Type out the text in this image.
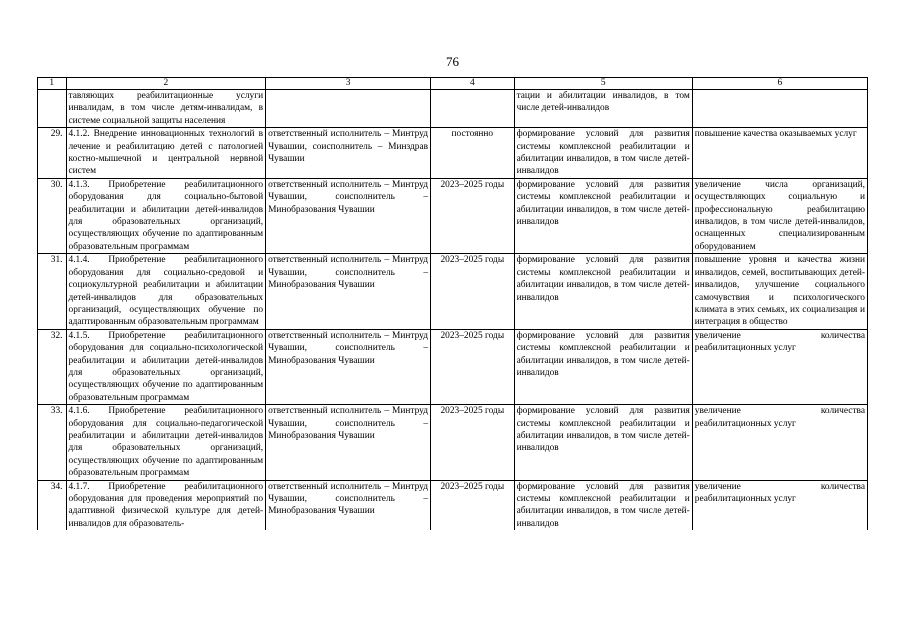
76
1	2	3	4	5	6
	тавляющих реабилитационные услуги инвалидам, в том числе детям-инвалидам, в системе социальной защиты населения			тации и абилитации инвалидов, в том числе детей-инвалидов	
29.	4.1.2. Внедрение инновационных технологий в лечение и реабилитацию детей с патологией костно-мышечной и центральной нервной систем	ответственный исполнитель – Минтруд Чувашии, соисполнитель – Минздрав Чувашии	постоянно	формирование условий для развития системы комплексной реабилитации и абилитации инвалидов, в том числе детей-инвалидов	повышение качества оказываемых услуг
30.	4.1.3. Приобретение реабилитационного оборудования для социально-бытовой реабилитации и абилитации детей-инвалидов для образовательных организаций, осуществляющих обучение по адаптированным образовательным программам	ответственный исполнитель – Минтруд Чувашии, соисполнитель – Минобразования Чувашии	2023–2025 годы	формирование условий для развития системы комплексной реабилитации и абилитации инвалидов, в том числе детей-инвалидов	увеличение числа организаций, осуществляющих социальную и профессиональную реабилитацию инвалидов, в том числе детей-инвалидов, оснащенных специализированным оборудованием
31.	4.1.4. Приобретение реабилитационного оборудования для социально-средовой и социокультурной реабилитации и абилитации детей-инвалидов для образовательных организаций, осуществляющих обучение по адаптированным образовательным программам	ответственный исполнитель – Минтруд Чувашии, соисполнитель – Минобразования Чувашии	2023–2025 годы	формирование условий для развития системы комплексной реабилитации и абилитации инвалидов, в том числе детей-инвалидов	повышение уровня и качества жизни инвалидов, семей, воспитывающих детей-инвалидов, улучшение социального самочувствия и психологического климата в этих семьях, их социализация и интеграция в общество
32.	4.1.5. Приобретение реабилитационного оборудования для социально-психологической реабилитации и абилитации детей-инвалидов для образовательных организаций, осуществляющих обучение по адаптированным образовательным программам	ответственный исполнитель – Минтруд Чувашии, соисполнитель – Минобразования Чувашии	2023–2025 годы	формирование условий для развития системы комплексной реабилитации и абилитации инвалидов, в том числе детей-инвалидов	увеличение количества реабилитационных услуг
33.	4.1.6. Приобретение реабилитационного оборудования для социально-педагогической реабилитации и абилитации детей-инвалидов для образовательных организаций, осуществляющих обучение по адаптированным образовательным программам	ответственный исполнитель – Минтруд Чувашии, соисполнитель – Минобразования Чувашии	2023–2025 годы	формирование условий для развития системы комплексной реабилитации и абилитации инвалидов, в том числе детей-инвалидов	увеличение количества реабилитационных услуг
34.	4.1.7. Приобретение реабилитационного оборудования для проведения мероприятий по адаптивной физической культуре для детей-инвалидов для образователь-	ответственный исполнитель – Минтруд Чувашии, соисполнитель – Минобразования Чувашии	2023–2025 годы	формирование условий для развития системы комплексной реабилитации и абилитации инвалидов, в том числе детей-инвалидов	увеличение количества реабилитационных услуг
